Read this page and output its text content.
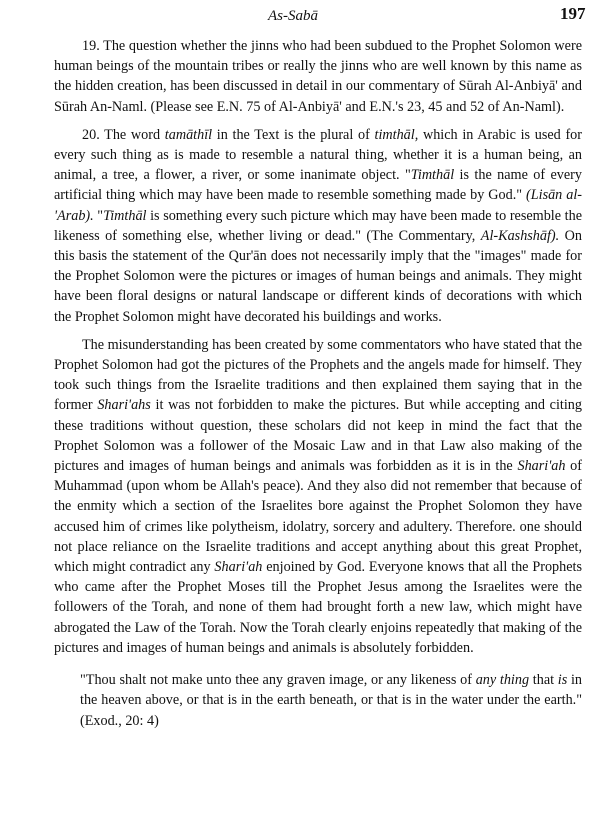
As-Sabā	197

19. The question whether the jinns who had been subdued to the Prophet Solomon were human beings of the mountain tribes or really the jinns who are well known by this name as the hidden creation, has been discussed in detail in our commentary of Sūrah Al-Anbiyā' and Sūrah An-Naml. (Please see E.N. 75 of Al-Anbiyā' and E.N.'s 23, 45 and 52 of An-Naml).

20. The word tamāthīl in the Text is the plural of timthāl, which in Arabic is used for every such thing as is made to resemble a natural thing, whether it is a human being, an animal, a tree, a flower, a river, or some inanimate object. "Timthāl is the name of every artificial thing which may have been made to resemble something made by God." (Lisān al-'Arab). "Timthāl is something every such picture which may have been made to resemble the likeness of something else, whether living or dead." (The Commentary, Al-Kashshāf). On this basis the statement of the Qur'ān does not necessarily imply that the "images" made for the Prophet Solomon were the pictures or images of human beings and animals. They might have been floral designs or natural landscape or different kinds of decorations with which the Prophet Solomon might have decorated his buildings and works.

The misunderstanding has been created by some commentators who have stated that the Prophet Solomon had got the pictures of the Prophets and the angels made for himself. They took such things from the Israelite traditions and then explained them saying that in the former Shari'ahs it was not forbidden to make the pictures. But while accepting and citing these traditions without question, these scholars did not keep in mind the fact that the Prophet Solomon was a follower of the Mosaic Law and in that Law also making of the pictures and images of human beings and animals was forbidden as it is in the Shari'ah of Muhammad (upon whom be Allah's peace). And they also did not remember that because of the enmity which a section of the Israelites bore against the Prophet Solomon they have accused him of crimes like polytheism, idolatry, sorcery and adultery. Therefore. one should not place reliance on the Israelite traditions and accept anything about this great Prophet, which might contradict any Shari'ah enjoined by God. Everyone knows that all the Prophets who came after the Prophet Moses till the Prophet Jesus among the Israelites were the followers of the Torah, and none of them had brought forth a new law, which might have abrogated the Law of the Torah. Now the Torah clearly enjoins repeatedly that making of the pictures and images of human beings and animals is absolutely forbidden.

"Thou shalt not make unto thee any graven image, or any likeness of any thing that is in the heaven above, or that is in the earth beneath, or that is in the water under the earth." (Exod., 20: 4)
